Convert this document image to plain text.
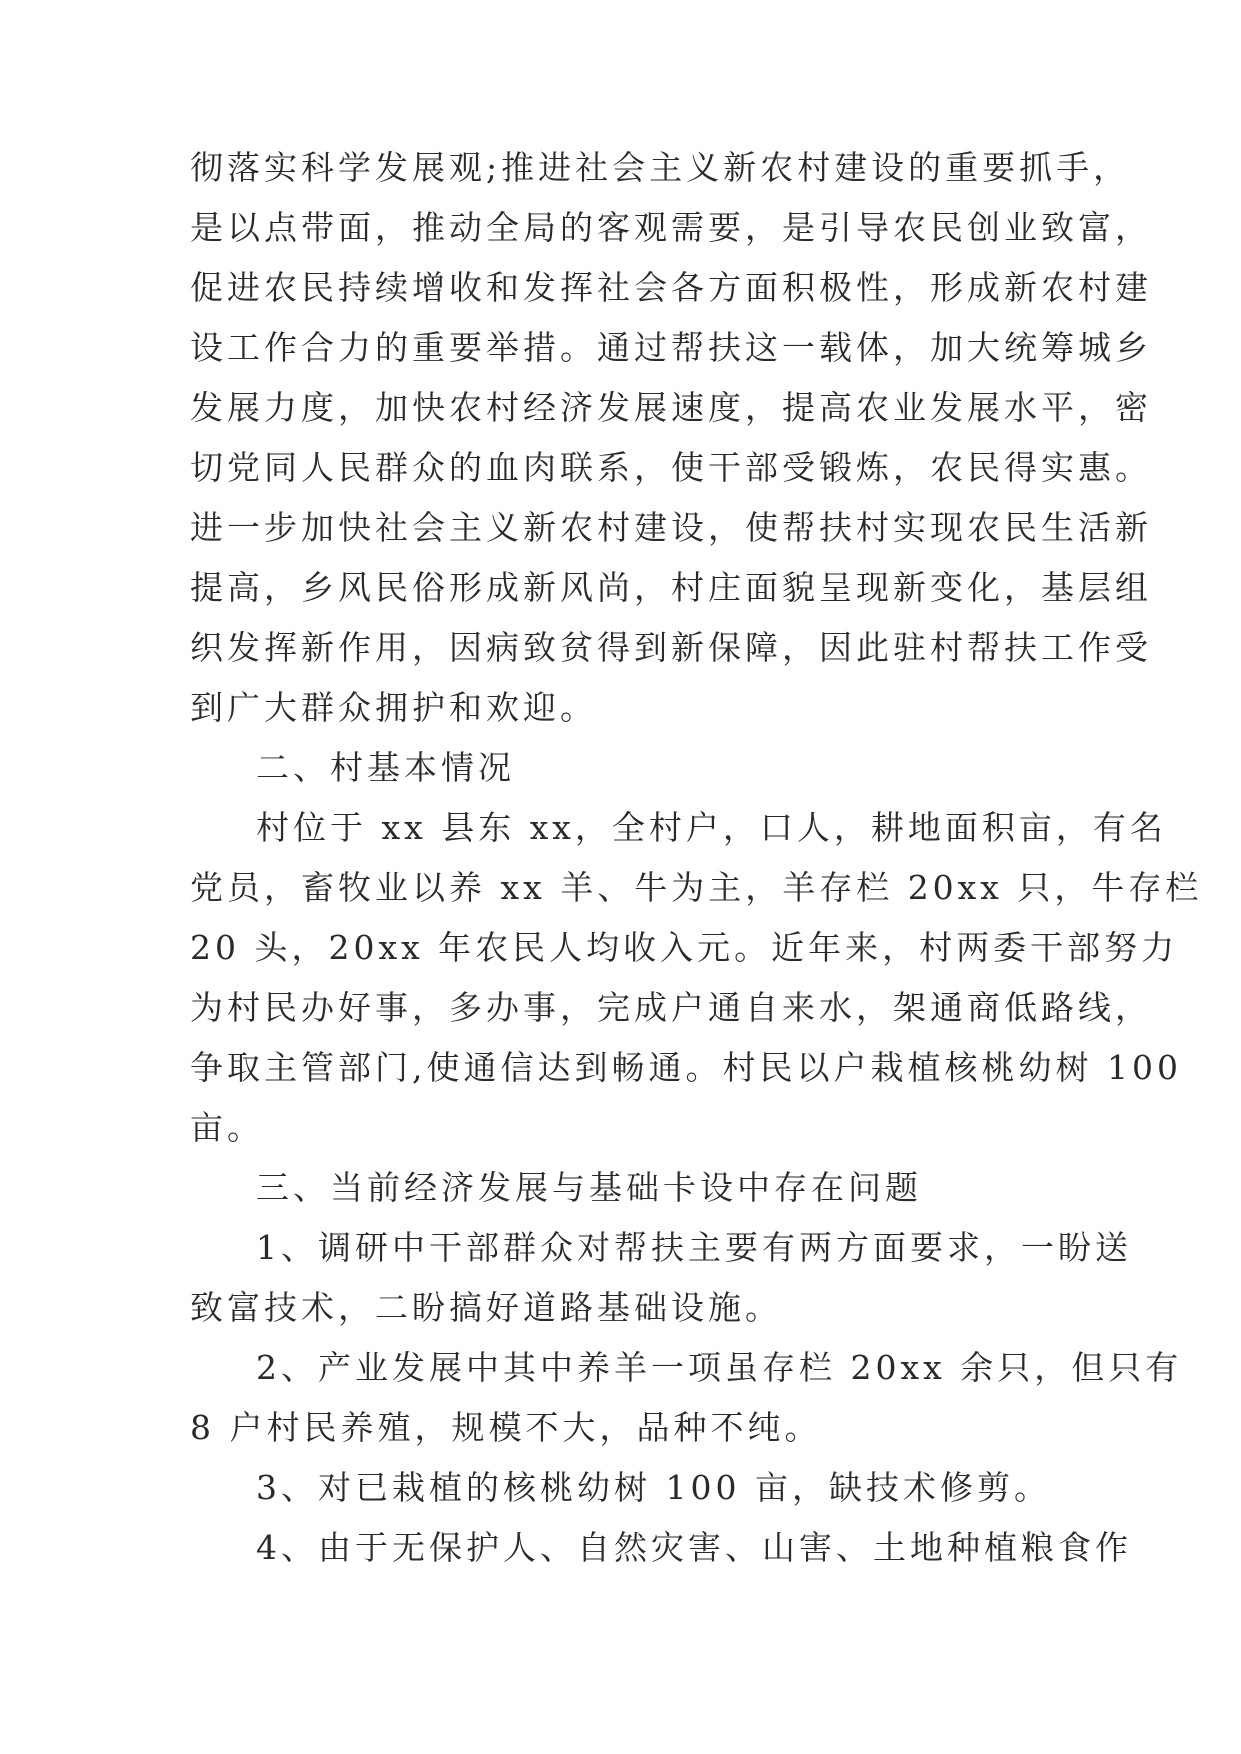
彻落实科学发展观;推进社会主义新农村建设的重要抓手，
是以点带面，推动全局的客观需要，是引导农民创业致富，
促进农民持续增收和发挥社会各方面积极性，形成新农村建
设工作合力的重要举措。通过帮扶这一载体，加大统筹城乡
发展力度，加快农村经济发展速度，提高农业发展水平，密
切党同人民群众的血肉联系，使干部受锻炼，农民得实惠。
进一步加快社会主义新农村建设，使帮扶村实现农民生活新
提高，乡风民俗形成新风尚，村庄面貌呈现新变化，基层组
织发挥新作用，因病致贫得到新保障，因此驻村帮扶工作受
到广大群众拥护和欢迎。
二、村基本情况
村位于 xx 县东 xx，全村户，口人，耕地面积亩，有名
党员，畜牧业以养 xx 羊、牛为主，羊存栏 20xx 只，牛存栏
20 头，20xx 年农民人均收入元。近年来，村两委干部努力
为村民办好事，多办事，完成户通自来水，架通商低路线，
争取主管部门,使通信达到畅通。村民以户栽植核桃幼树 100
亩。
三、当前经济发展与基础卡设中存在问题
1、调研中干部群众对帮扶主要有两方面要求，一盼送
致富技术，二盼搞好道路基础设施。
2、产业发展中其中养羊一项虽存栏 20xx 余只，但只有
8 户村民养殖，规模不大，品种不纯。
3、对已栽植的核桃幼树 100 亩，缺技术修剪。
4、由于无保护人、自然灾害、山害、土地种植粮食作
